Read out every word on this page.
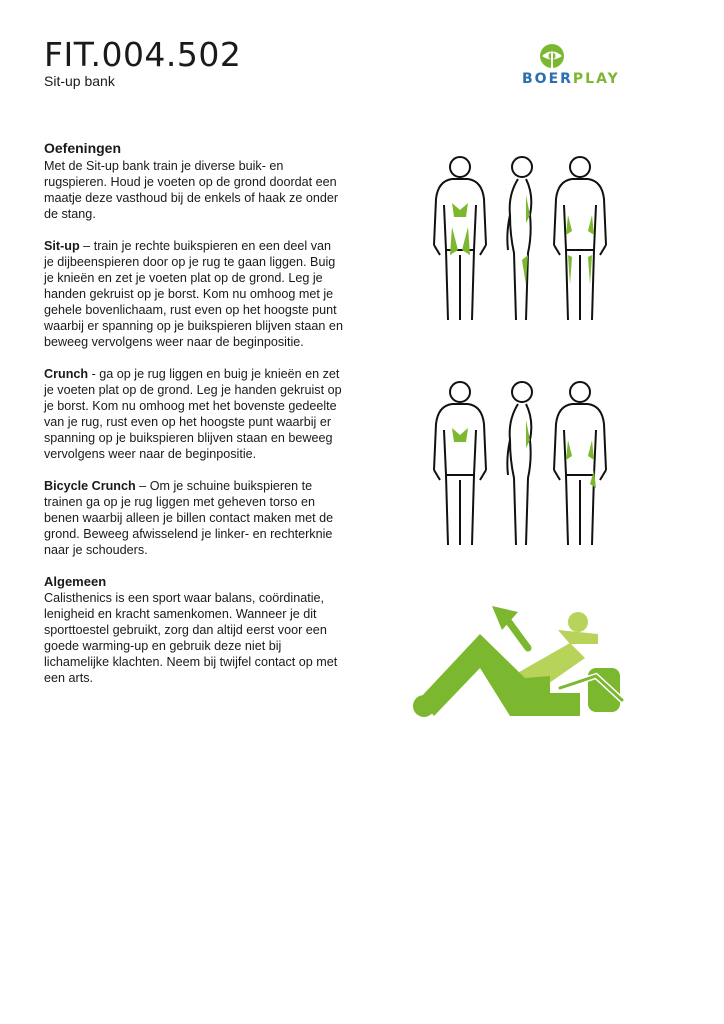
FIT.004.502

Sit-up bank	BOERPLAY
Oefeningen

Met de Sit-up bank train je diverse buik- en rugspieren. Houd je voeten op de grond doordat een maatje deze vasthoud bij de enkels of haak ze onder de stang.

Sit-up – train je rechte buikspieren en een deel van je dijbeenspieren door op je rug te gaan liggen. Buig je knieën en zet je voeten plat op de grond. Leg je handen gekruist op je borst. Kom nu omhoog met je gehele bovenlichaam, rust even op het hoogste punt waarbij er spanning op je buikspieren blijven staan en beweeg vervolgens weer naar de beginpositie.

Crunch - ga op je rug liggen en buig je knieën en zet je voeten plat op de grond. Leg je handen gekruist op je borst. Kom nu omhoog met het bovenste gedeelte van je rug, rust even op het hoogste punt waarbij er spanning op je buikspieren blijven staan en beweeg vervolgens weer naar de beginpositie.

Bicycle Crunch – Om je schuine buikspieren te trainen ga op je rug liggen met geheven torso en benen waarbij alleen je billen contact maken met de grond. Beweeg afwisselend je linker- en rechterknie naar je schouders.

Algemeen

Calisthenics is een sport waar balans, coördinatie, lenigheid en kracht samenkomen. Wanneer je dit sporttoestel gebruikt, zorg dan altijd eerst voor een goede warming-up en gebruik deze niet bij lichamelijke klachten. Neem bij twijfel contact op met een arts.
